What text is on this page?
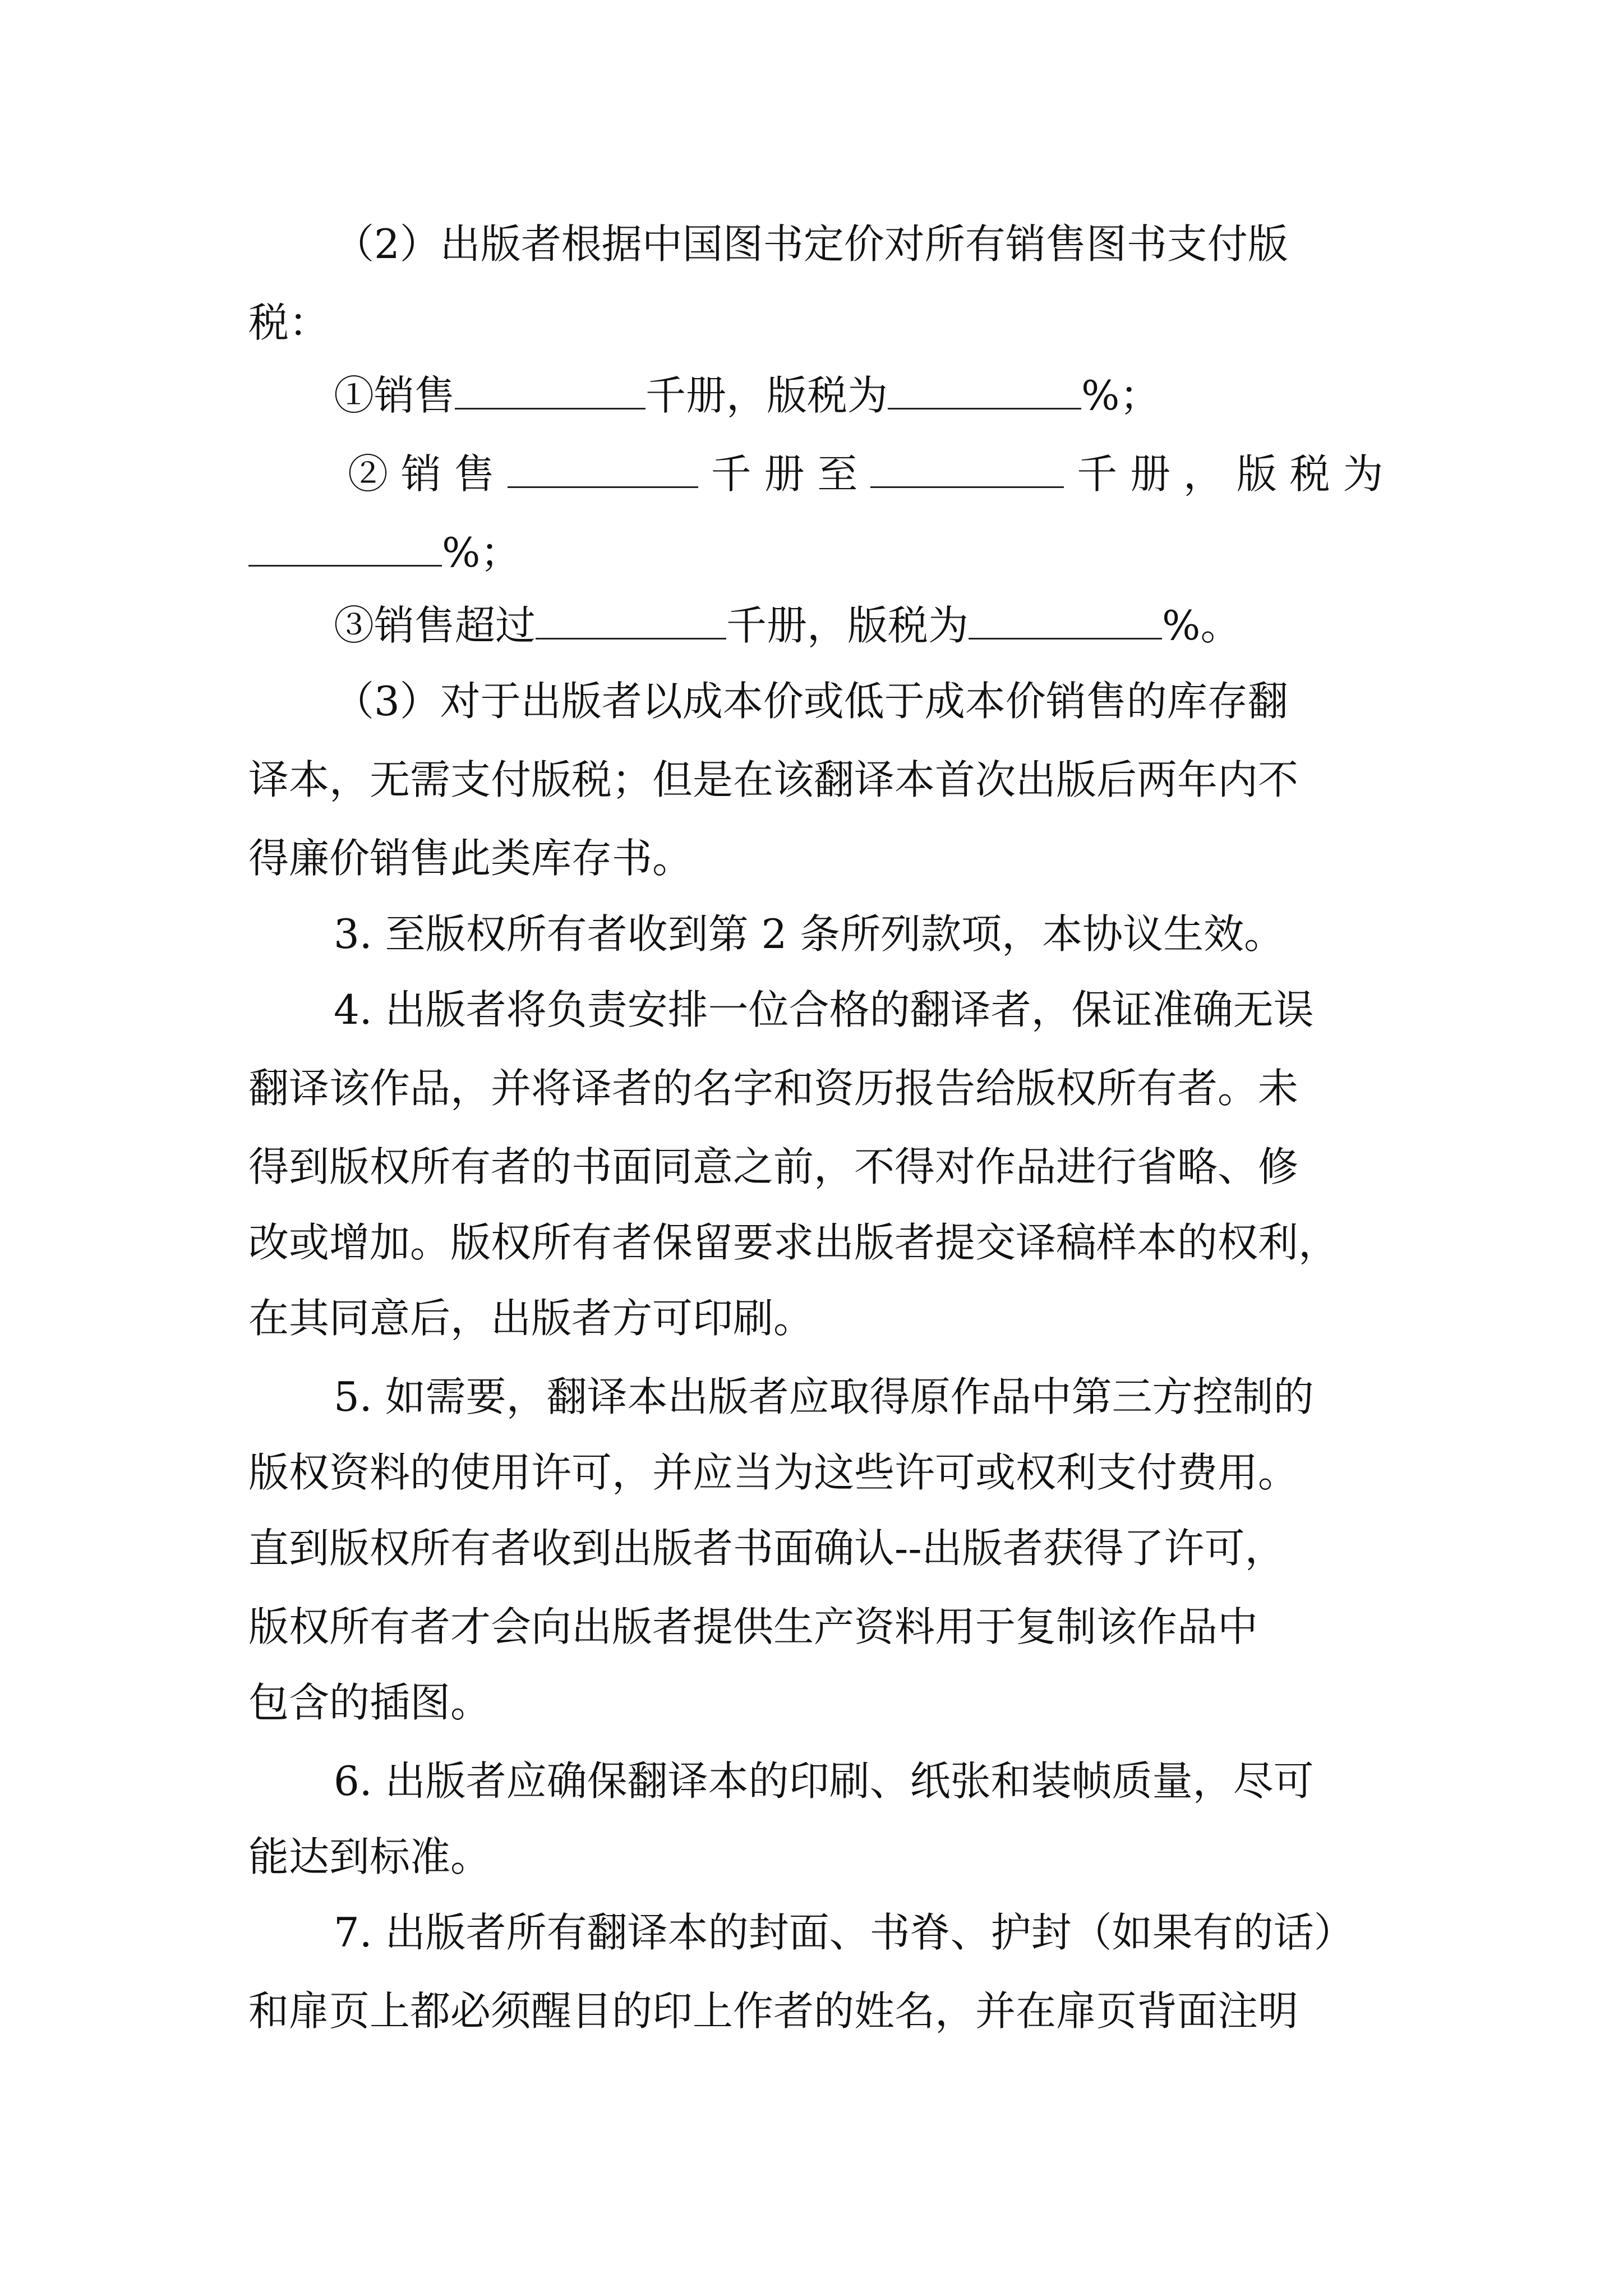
（2）出版者根据中国图书定价对所有销售图书支付版
税：
①销售	千册，版税为	%；
② 销 售	千 册 至	千 册 ， 版 税 为
%；
③销售超过	千册，版税为	%。
（3）对于出版者以成本价或低于成本价销售的库存翻
译本，无需支付版税；但是在该翻译本首次出版后两年内不
得廉价销售此类库存书。
3. 至版权所有者收到第 2 条所列款项，本协议生效。
4. 出版者将负责安排一位合格的翻译者，保证准确无误
翻译该作品，并将译者的名字和资历报告给版权所有者。未
得到版权所有者的书面同意之前，不得对作品进行省略、修
改或增加。版权所有者保留要求出版者提交译稿样本的权利，
在其同意后，出版者方可印刷。
5. 如需要，翻译本出版者应取得原作品中第三方控制的
版权资料的使用许可，并应当为这些许可或权利支付费用。
直到版权所有者收到出版者书面确认--出版者获得了许可，
版权所有者才会向出版者提供生产资料用于复制该作品中
包含的插图。
6. 出版者应确保翻译本的印刷、纸张和装帧质量，尽可
能达到标准。
7. 出版者所有翻译本的封面、书脊、护封（如果有的话）
和扉页上都必须醒目的印上作者的姓名，并在扉页背面注明
